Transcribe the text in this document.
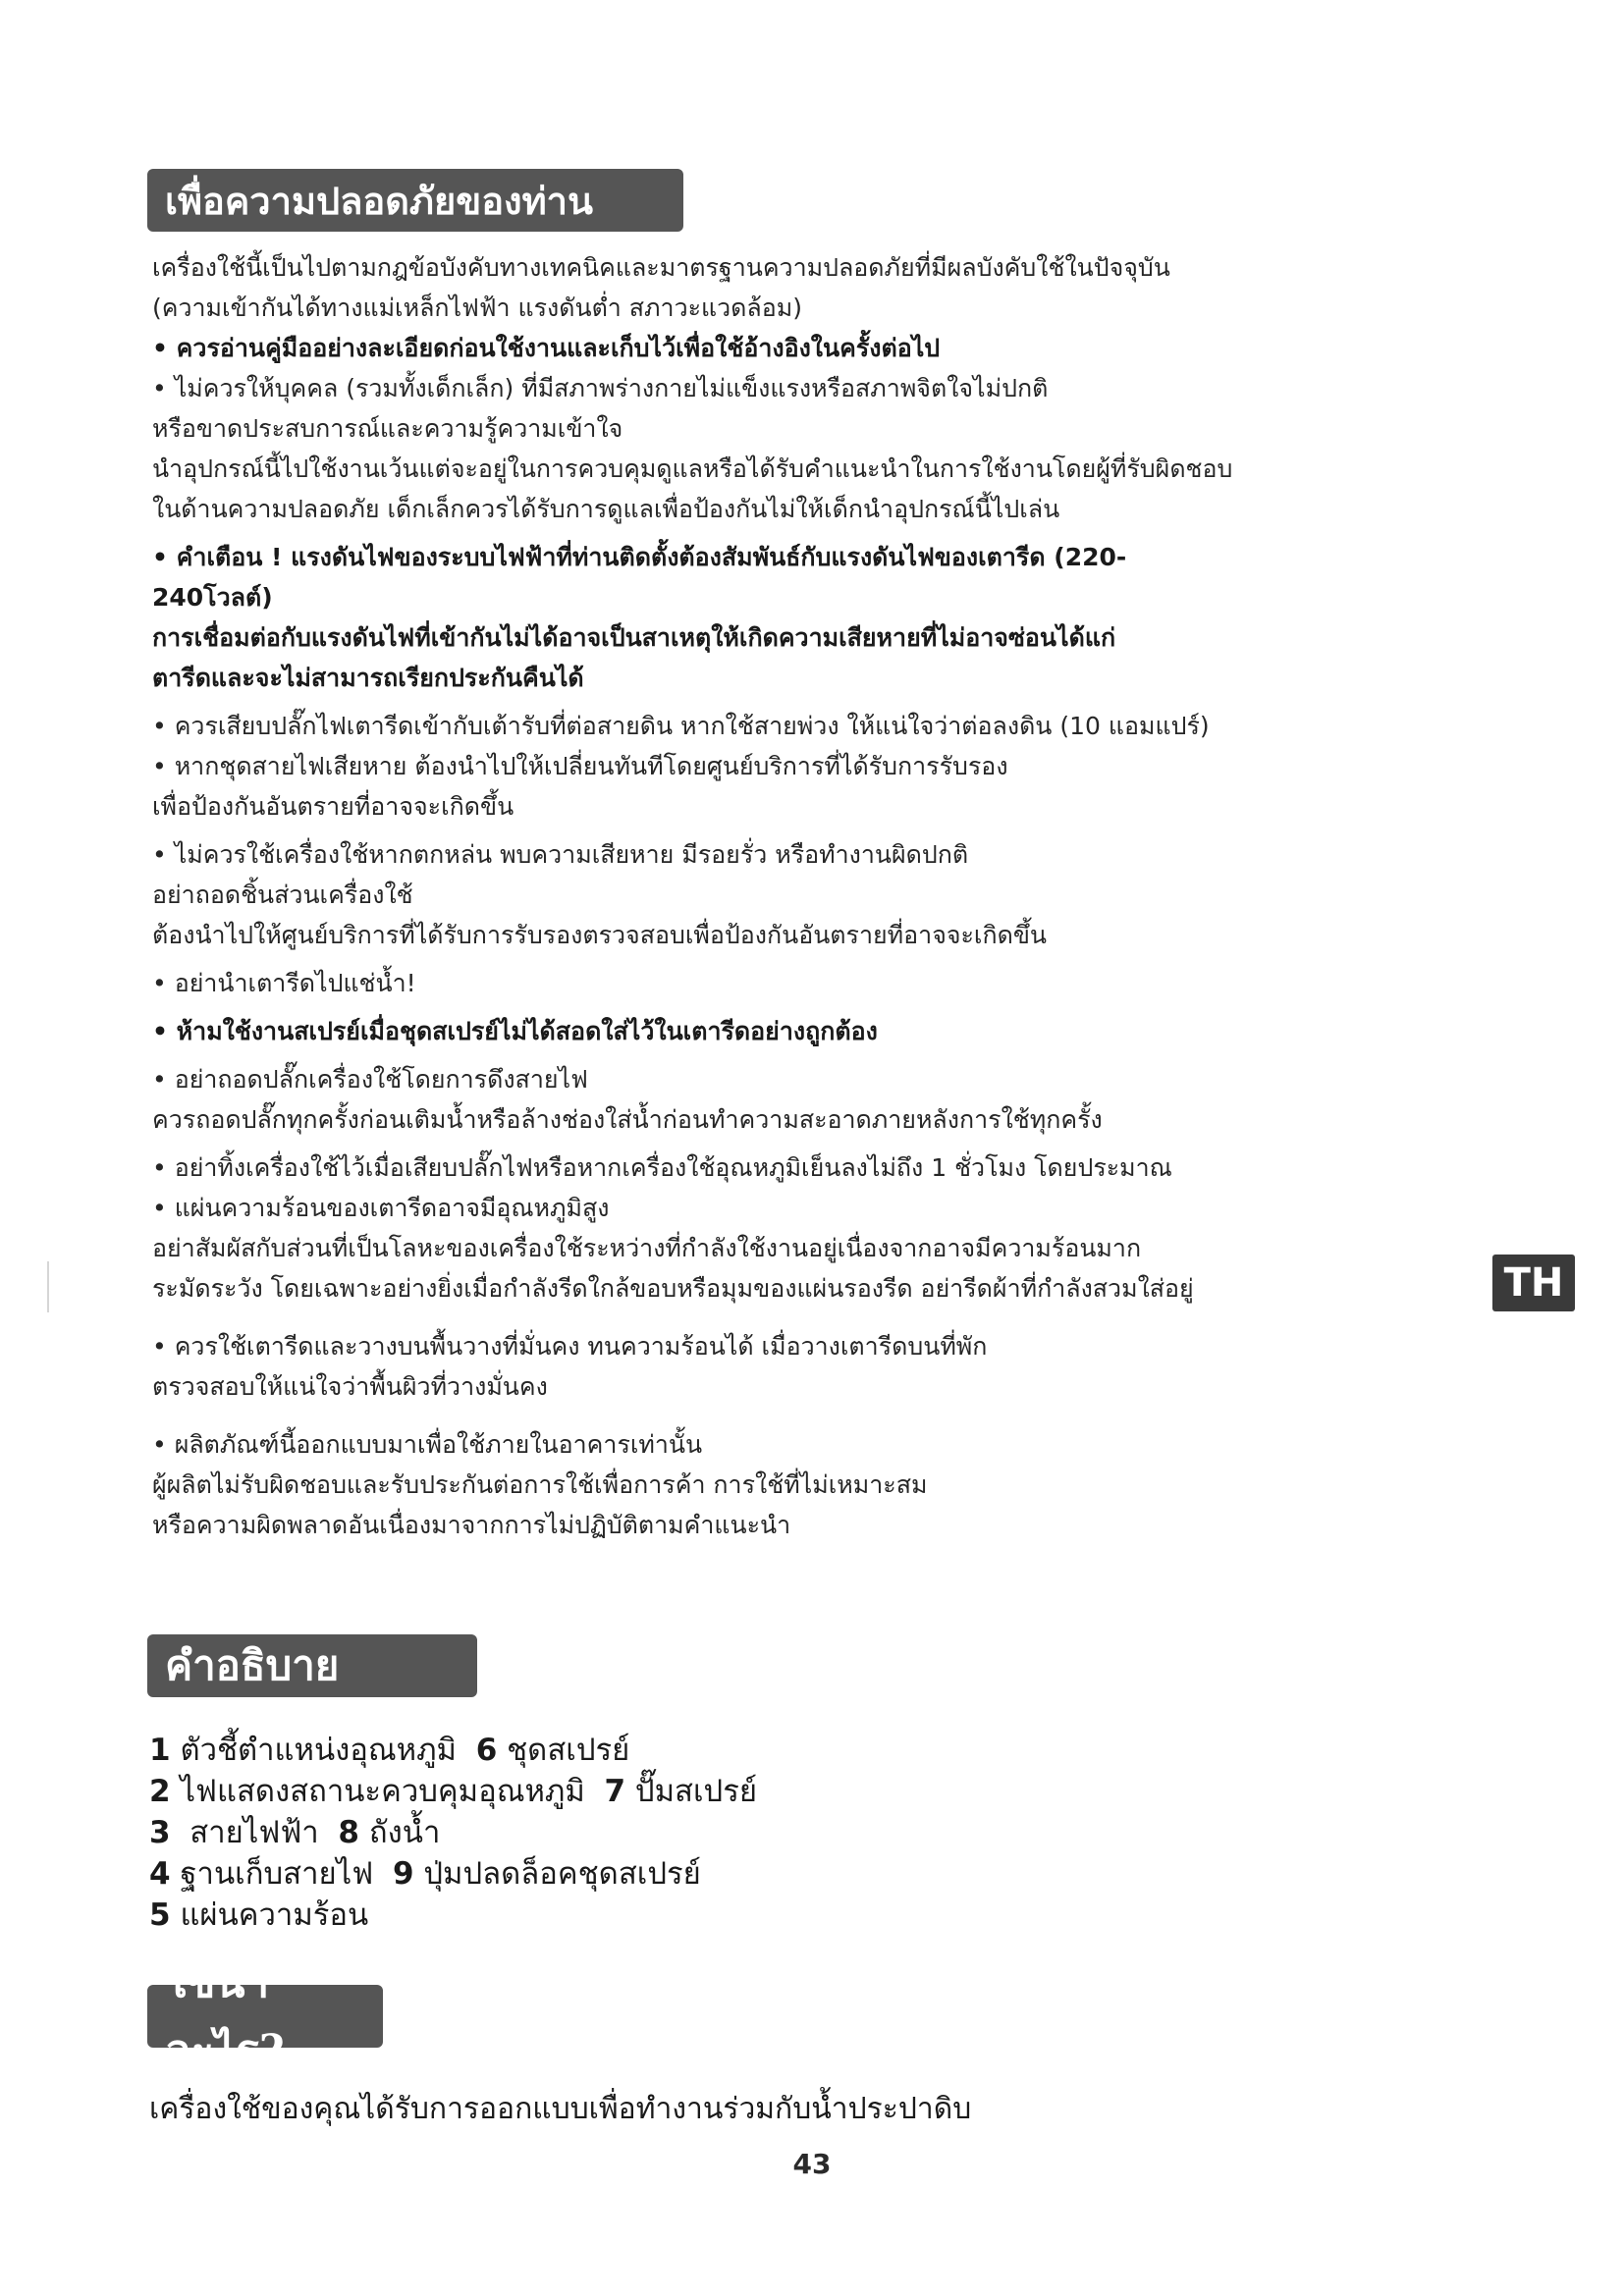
เพื่อความปลอดภัยของท่าน

เครื่องใช้นี้เป็นไปตามกฎข้อบังคับทางเทคนิคและมาตรฐานความปลอดภัยที่มีผลบังคับใช้ในปัจจุบัน

(ความเข้ากันได้ทางแม่เหล็กไฟฟ้า แรงดันต่ำ สภาวะแวดล้อม)

• ควรอ่านคู่มืออย่างละเอียดก่อนใช้งานและเก็บไว้เพื่อใช้อ้างอิงในครั้งต่อไป

• ไม่ควรให้บุคคล (รวมทั้งเด็กเล็ก) ที่มีสภาพร่างกายไม่แข็งแรงหรือสภาพจิตใจไม่ปกติ

หรือขาดประสบการณ์และความรู้ความเข้าใจ

นำอุปกรณ์นี้ไปใช้งานเว้นแต่จะอยู่ในการควบคุมดูแลหรือได้รับคำแนะนำในการใช้งานโดยผู้ที่รับผิดชอบ

ในด้านความปลอดภัย เด็กเล็กควรได้รับการดูแลเพื่อป้องกันไม่ให้เด็กนำอุปกรณ์นี้ไปเล่น

• คำเตือน ! แรงดันไฟของระบบไฟฟ้าที่ท่านติดตั้งต้องสัมพันธ์กับแรงดันไฟของเตารีด (220-

240โวลต์)

การเชื่อมต่อกับแรงดันไฟที่เข้ากันไม่ได้อาจเป็นสาเหตุให้เกิดความเสียหายที่ไม่อาจซ่อนได้แก่

ตารีดและจะไม่สามารถเรียกประกันคืนได้

• ควรเสียบปลั๊กไฟเตารีดเข้ากับเต้ารับที่ต่อสายดิน หากใช้สายพ่วง ให้แน่ใจว่าต่อลงดิน (10 แอมแปร์)

• หากชุดสายไฟเสียหาย ต้องนำไปให้เปลี่ยนทันทีโดยศูนย์บริการที่ได้รับการรับรอง

เพื่อป้องกันอันตรายที่อาจจะเกิดขึ้น

• ไม่ควรใช้เครื่องใช้หากตกหล่น พบความเสียหาย มีรอยรั่ว หรือทำงานผิดปกติ

อย่าถอดชิ้นส่วนเครื่องใช้

ต้องนำไปให้ศูนย์บริการที่ได้รับการรับรองตรวจสอบเพื่อป้องกันอันตรายที่อาจจะเกิดขึ้น

• อย่านำเตารีดไปแช่น้ำ!

• ห้ามใช้งานสเปรย์เมื่อชุดสเปรย์ไม่ได้สอดใส่ไว้ในเตารีดอย่างถูกต้อง

• อย่าถอดปลั๊กเครื่องใช้โดยการดึงสายไฟ

ควรถอดปลั๊กทุกครั้งก่อนเติมน้ำหรือล้างช่องใส่น้ำก่อนทำความสะอาดภายหลังการใช้ทุกครั้ง

• อย่าทิ้งเครื่องใช้ไว้เมื่อเสียบปลั๊กไฟหรือหากเครื่องใช้อุณหภูมิเย็นลงไม่ถึง 1 ชั่วโมง โดยประมาณ

• แผ่นความร้อนของเตารีดอาจมีอุณหภูมิสูง

อย่าสัมผัสกับส่วนที่เป็นโลหะของเครื่องใช้ระหว่างที่กำลังใช้งานอยู่เนื่องจากอาจมีความร้อนมาก

ระมัดระวัง โดยเฉพาะอย่างยิ่งเมื่อกำลังรีดใกล้ขอบหรือมุมของแผ่นรองรีด อย่ารีดผ้าที่กำลังสวมใส่อยู่

• ควรใช้เตารีดและวางบนพื้นวางที่มั่นคง ทนความร้อนได้ เมื่อวางเตารีดบนที่พัก

ตรวจสอบให้แน่ใจว่าพื้นผิวที่วางมั่นคง

• ผลิตภัณฑ์นี้ออกแบบมาเพื่อใช้ภายในอาคารเท่านั้น

ผู้ผลิตไม่รับผิดชอบและรับประกันต่อการใช้เพื่อการค้า การใช้ที่ไม่เหมาะสม

หรือความผิดพลาดอันเนื่องมาจากการไม่ปฏิบัติตามคำแนะนำ

TH
คำอธิบาย

1 ตัวชี้ตำแหน่งอุณหภูมิ 6 ชุดสเปรย์

2 ไฟแสดงสถานะควบคุมอุณหภูมิ 7 ปั๊มสเปรย์

3 สายไฟฟ้า 8 ถังน้ำ

4 ฐานเก็บสายไฟ 9 ปุ่มปลดล็อคชุดสเปรย์

5 แผ่นความร้อน

ใช้น้ำอะไร?
เครื่องใช้ของคุณได้รับการออกแบบเพื่อทำงานร่วมกับน้ำประปาดิบ
43
